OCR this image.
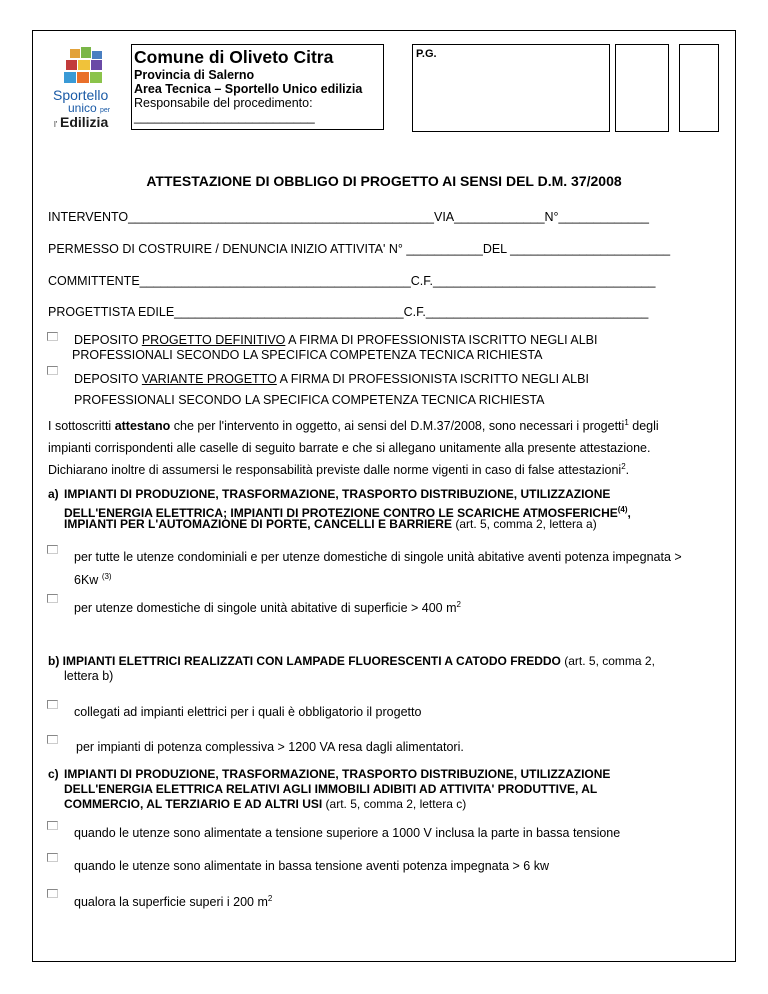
Sportello
unico per
l' Edilizia
Comune di Oliveto Citra
Provincia di Salerno
Area Tecnica – Sportello Unico edilizia
Responsabile del procedimento:
__________________________
P.G.
ATTESTAZIONE DI OBBLIGO DI PROGETTO AI SENSI DEL D.M. 37/2008
INTERVENTO____________________________________________VIA_____________N°_____________
PERMESSO DI COSTRUIRE / DENUNCIA INIZIO ATTIVITA' N° ___________DEL _______________________
COMMITTENTE_______________________________________C.F.________________________________
PROGETTISTA EDILE_________________________________C.F.________________________________
DEPOSITO PROGETTO DEFINITIVO A FIRMA DI PROFESSIONISTA ISCRITTO NEGLI ALBI
PROFESSIONALI SECONDO LA SPECIFICA COMPETENZA TECNICA RICHIESTA
DEPOSITO VARIANTE PROGETTO A FIRMA DI PROFESSIONISTA ISCRITTO NEGLI ALBI
PROFESSIONALI SECONDO LA SPECIFICA COMPETENZA TECNICA RICHIESTA
I sottoscritti attestano che per l'intervento in oggetto, ai sensi del D.M.37/2008, sono necessari i progetti$^1$ degli
impianti corrispondenti alle caselle di seguito barrate e che si allegano unitamente alla presente attestazione.
Dichiarano inoltre di assumersi le responsabilità previste dalle norme vigenti in caso di false attestazioni$^2$.
a) IMPIANTI DI PRODUZIONE, TRASFORMAZIONE, TRASPORTO DISTRIBUZIONE, UTILIZZAZIONE
DELL'ENERGIA ELETTRICA; IMPIANTI DI PROTEZIONE CONTRO LE SCARICHE ATMOSFERICHE$^{(4)}$,
IMPIANTI PER L'AUTOMAZIONE DI PORTE, CANCELLI E BARRIERE (art. 5, comma 2, lettera a)
per tutte le utenze condominiali e per utenze domestiche di singole unità abitative aventi potenza impegnata >
6Kw $^{(3)}$
per utenze domestiche di singole unità abitative di superficie > 400 $m^2$
b) IMPIANTI ELETTRICI REALIZZATI CON LAMPADE FLUORESCENTI A CATODO FREDDO (art. 5, comma 2,
lettera b)
collegati ad impianti elettrici per i quali è obbligatorio il progetto
per impianti di potenza complessiva > 1200 VA resa dagli alimentatori.
c) IMPIANTI DI PRODUZIONE, TRASFORMAZIONE, TRASPORTO DISTRIBUZIONE, UTILIZZAZIONE
DELL'ENERGIA ELETTRICA RELATIVI AGLI IMMOBILI ADIBITI AD ATTIVITA' PRODUTTIVE, AL
COMMERCIO, AL TERZIARIO E AD ALTRI USI (art. 5, comma 2, lettera c)
quando le utenze sono alimentate a tensione superiore a 1000 V inclusa la parte in bassa tensione
quando le utenze sono alimentate in bassa tensione aventi potenza impegnata > 6 kw
qualora la superficie superi i 200 $m^2$
